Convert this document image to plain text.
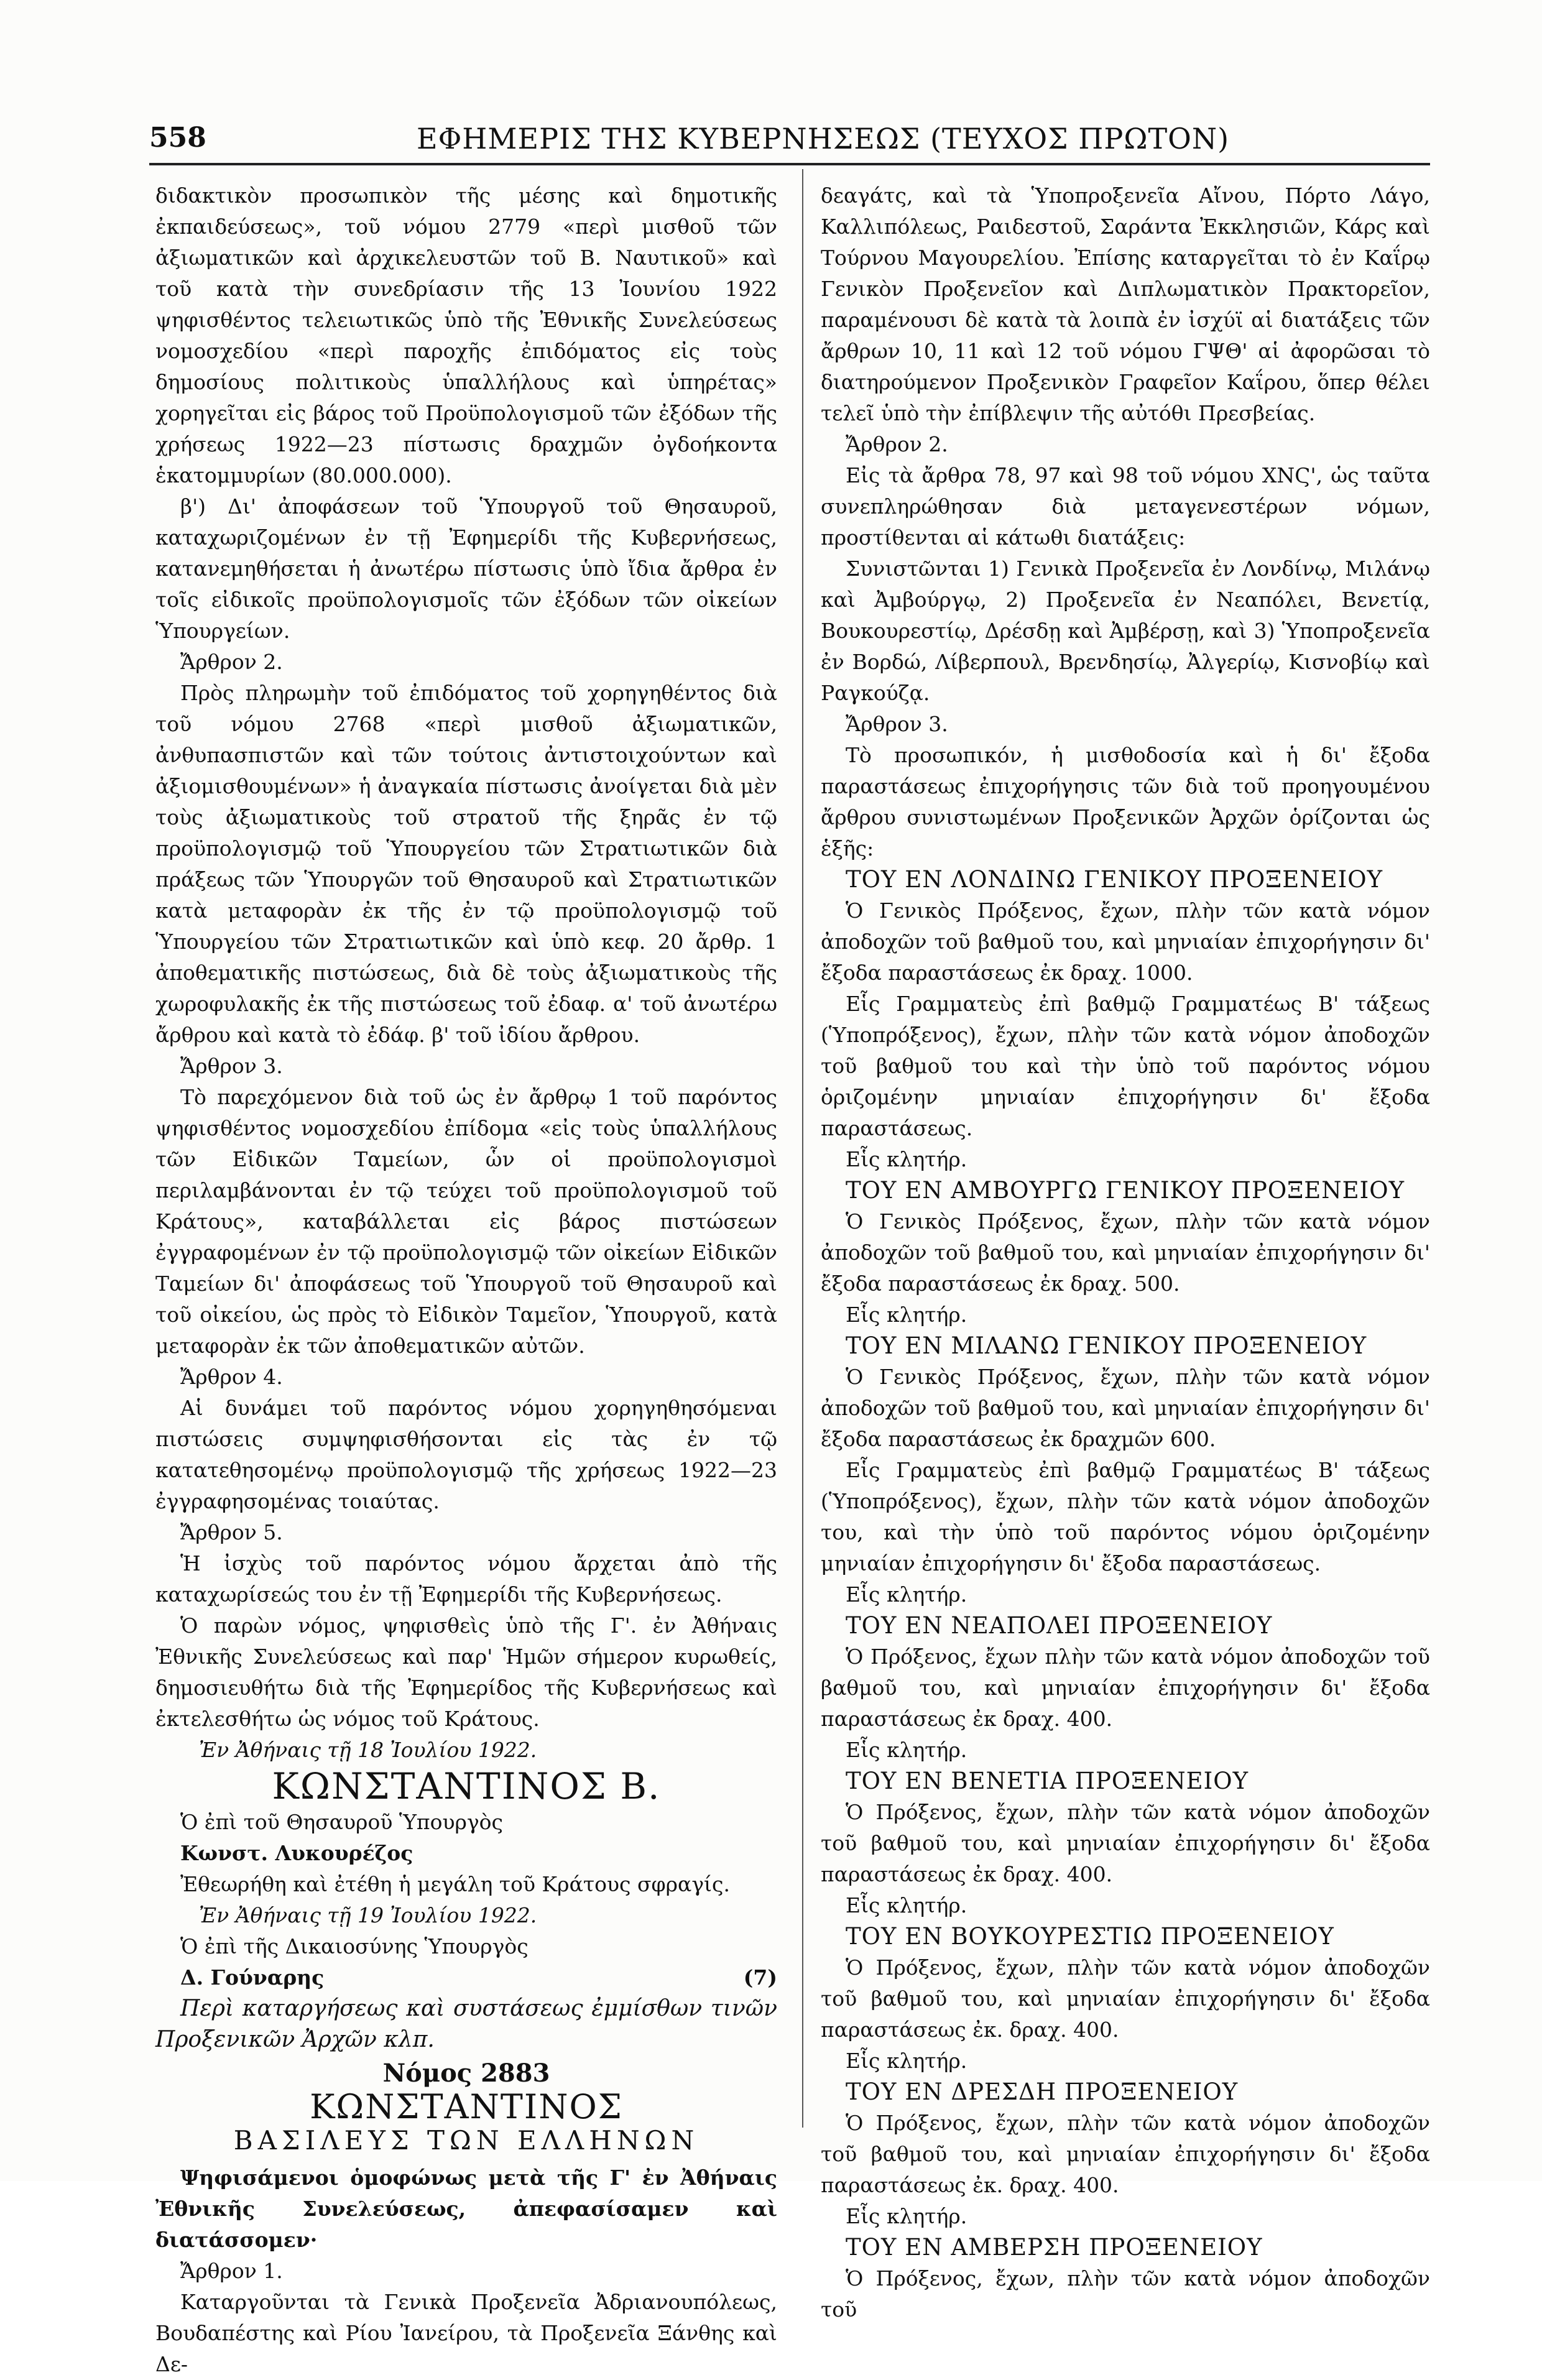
558	ΕΦΗΜΕΡΙΣ ΤΗΣ ΚΥΒΕΡΝΗΣΕΩΣ (ΤΕΥΧΟΣ ΠΡΩΤΟΝ)

διδακτικὸν προσωπικὸν τῆς μέσης καὶ δημοτικῆς ἐκπαιδεύσεως», τοῦ νόμου 2779 «περὶ μισθοῦ τῶν ἀξιωματικῶν καὶ ἀρχικελευστῶν τοῦ Β. Ναυτικοῦ» καὶ τοῦ κατὰ τὴν συνεδρίασιν τῆς 13 Ἰουνίου 1922 ψηφισθέντος τελειωτικῶς ὑπὸ τῆς Ἐθνικῆς Συνελεύσεως νομοσχεδίου «περὶ παροχῆς ἐπιδόματος εἰς τοὺς δημοσίους πολιτικοὺς ὑπαλλήλους καὶ ὑπηρέτας» χορηγεῖται εἰς βάρος τοῦ Προϋπολογισμοῦ τῶν ἐξόδων τῆς χρήσεως 1922—23 πίστωσις δραχμῶν ὀγδοήκοντα ἑκατομμυρίων (80.000.000).

β') Δι' ἀποφάσεων τοῦ Ὑπουργοῦ τοῦ Θησαυροῦ, καταχωριζομένων ἐν τῇ Ἐφημερίδι τῆς Κυβερνήσεως, κατανεμηθήσεται ἡ ἀνωτέρω πίστωσις ὑπὸ ἴδια ἄρθρα ἐν τοῖς εἰδικοῖς προϋπολογισμοῖς τῶν ἐξόδων τῶν οἰκείων Ὑπουργείων.

Ἄρθρον 2.

Πρὸς πληρωμὴν τοῦ ἐπιδόματος τοῦ χορηγηθέντος διὰ τοῦ νόμου 2768 «περὶ μισθοῦ ἀξιωματικῶν, ἀνθυπασπιστῶν καὶ τῶν τούτοις ἀντιστοιχούντων καὶ ἀξιομισθουμένων» ἡ ἀναγκαία πίστωσις ἀνοίγεται διὰ μὲν τοὺς ἀξιωματικοὺς τοῦ στρατοῦ τῆς ξηρᾶς ἐν τῷ προϋπολογισμῷ τοῦ Ὑπουργείου τῶν Στρατιωτικῶν διὰ πράξεως τῶν Ὑπουργῶν τοῦ Θησαυροῦ καὶ Στρατιωτικῶν κατὰ μεταφορὰν ἐκ τῆς ἐν τῷ προϋπολογισμῷ τοῦ Ὑπουργείου τῶν Στρατιωτικῶν καὶ ὑπὸ κεφ. 20 ἄρθρ. 1 ἀποθεματικῆς πιστώσεως, διὰ δὲ τοὺς ἀξιωματικοὺς τῆς χωροφυλακῆς ἐκ τῆς πιστώσεως τοῦ ἐδαφ. α' τοῦ ἀνωτέρω ἄρθρου καὶ κατὰ τὸ ἐδάφ. β' τοῦ ἰδίου ἄρθρου.

Ἄρθρον 3.

Τὸ παρεχόμενον διὰ τοῦ ὡς ἐν ἄρθρῳ 1 τοῦ παρόντος ψηφισθέντος νομοσχεδίου ἐπίδομα «εἰς τοὺς ὑπαλλήλους τῶν Εἰδικῶν Ταμείων, ὧν οἱ προϋπολογισμοὶ περιλαμβάνονται ἐν τῷ τεύχει τοῦ προϋπολογισμοῦ τοῦ Κράτους», καταβάλλεται εἰς βάρος πιστώσεων ἐγγραφομένων ἐν τῷ προϋπολογισμῷ τῶν οἰκείων Εἰδικῶν Ταμείων δι' ἀποφάσεως τοῦ Ὑπουργοῦ τοῦ Θησαυροῦ καὶ τοῦ οἰκείου, ὡς πρὸς τὸ Εἰδικὸν Ταμεῖον, Ὑπουργοῦ, κατὰ μεταφορὰν ἐκ τῶν ἀποθεματικῶν αὐτῶν.

Ἄρθρον 4.

Αἱ δυνάμει τοῦ παρόντος νόμου χορηγηθησόμεναι πιστώσεις συμψηφισθήσονται εἰς τὰς ἐν τῷ κατατεθησομένῳ προϋπολογισμῷ τῆς χρήσεως 1922—23 ἐγγραφησομένας τοιαύτας.

Ἄρθρον 5.

Ἡ ἰσχὺς τοῦ παρόντος νόμου ἄρχεται ἀπὸ τῆς καταχωρίσεώς του ἐν τῇ Ἐφημερίδι τῆς Κυβερνήσεως.

Ὁ παρὼν νόμος, ψηφισθεὶς ὑπὸ τῆς Γ'. ἐν Ἀθήναις Ἐθνικῆς Συνελεύσεως καὶ παρ' Ἡμῶν σήμερον κυρωθείς, δημοσιευθήτω διὰ τῆς Ἐφημερίδος τῆς Κυβερνήσεως καὶ ἐκτελεσθήτω ὡς νόμος τοῦ Κράτους.

Ἐν Ἀθήναις τῇ 18 Ἰουλίου 1922.

ΚΩΝΣΤΑΝΤΙΝΟΣ Β.

Ὁ ἐπὶ τοῦ Θησαυροῦ Ὑπουργὸς

Κωνστ. Λυκουρέζος

Ἐθεωρήθη καὶ ἐτέθη ἡ μεγάλη τοῦ Κράτους σφραγίς.

Ἐν Ἀθήναις τῇ 19 Ἰουλίου 1922.

Ὁ ἐπὶ τῆς Δικαιοσύνης Ὑπουργὸς

Δ. Γούναρης	(7)

Περὶ καταργήσεως καὶ συστάσεως ἐμμίσθων τινῶν Προξενικῶν Ἀρχῶν κλπ.

Νόμος 2883
ΚΩΝΣΤΑΝΤΙΝΟΣ
ΒΑΣΙΛΕΥΣ ΤΩΝ ΕΛΛΗΝΩΝ

Ψηφισάμενοι ὁμοφώνως μετὰ τῆς Γ' ἐν Ἀθήναις Ἐθνικῆς Συνελεύσεως, ἀπεφασίσαμεν καὶ διατάσσομεν·

Ἄρθρον 1.

Καταργοῦνται τὰ Γενικὰ Προξενεῖα Ἀδριανουπόλεως, Βουδαπέστης καὶ Ρίου Ἰανείρου, τὰ Προξενεῖα Ξάνθης καὶ Δε-

δεαγάτς, καὶ τὰ Ὑποπροξενεῖα Αἴνου, Πόρτο Λάγο, Καλλιπόλεως, Ραιδεστοῦ, Σαράντα Ἐκκλησιῶν, Κάρς καὶ Τούρνου Μαγουρελίου. Ἐπίσης καταργεῖται τὸ ἐν Καΐρῳ Γενικὸν Προξενεῖον καὶ Διπλωματικὸν Πρακτορεῖον, παραμένουσι δὲ κατὰ τὰ λοιπὰ ἐν ἰσχύϊ αἱ διατάξεις τῶν ἄρθρων 10, 11 καὶ 12 τοῦ νόμου ΓΨΘ' αἱ ἀφορῶσαι τὸ διατηρούμενον Προξενικὸν Γραφεῖον Καΐρου, ὅπερ θέλει τελεῖ ὑπὸ τὴν ἐπίβλεψιν τῆς αὐτόθι Πρεσβείας.

Ἄρθρον 2.

Εἰς τὰ ἄρθρα 78, 97 καὶ 98 τοῦ νόμου ΧΝϚ', ὡς ταῦτα συνεπληρώθησαν διὰ μεταγενεστέρων νόμων, προστίθενται αἱ κάτωθι διατάξεις:

Συνιστῶνται 1) Γενικὰ Προξενεῖα ἐν Λονδίνῳ, Μιλάνῳ καὶ Ἀμβούργῳ, 2) Προξενεῖα ἐν Νεαπόλει, Βενετίᾳ, Βουκουρεστίῳ, Δρέσδῃ καὶ Ἀμβέρσῃ, καὶ 3) Ὑποπροξενεῖα ἐν Βορδώ, Λίβερπουλ, Βρενδησίῳ, Ἀλγερίῳ, Κισνοβίῳ καὶ Ραγκούζᾳ.

Ἄρθρον 3.

Τὸ προσωπικόν, ἡ μισθοδοσία καὶ ἡ δι' ἔξοδα παραστάσεως ἐπιχορήγησις τῶν διὰ τοῦ προηγουμένου ἄρθρου συνιστωμένων Προξενικῶν Ἀρχῶν ὁρίζονται ὡς ἑξῆς:

ΤΟΥ ΕΝ ΛΟΝΔΙΝΩ ΓΕΝΙΚΟΥ ΠΡΟΞΕΝΕΙΟΥ

Ὁ Γενικὸς Πρόξενος, ἔχων, πλὴν τῶν κατὰ νόμον ἀποδοχῶν τοῦ βαθμοῦ του, καὶ μηνιαίαν ἐπιχορήγησιν δι' ἔξοδα παραστάσεως ἐκ δραχ. 1000.

Εἷς Γραμματεὺς ἐπὶ βαθμῷ Γραμματέως Β' τάξεως (Ὑποπρόξενος), ἔχων, πλὴν τῶν κατὰ νόμον ἀποδοχῶν τοῦ βαθμοῦ του καὶ τὴν ὑπὸ τοῦ παρόντος νόμου ὁριζομένην μηνιαίαν ἐπιχορήγησιν δι' ἔξοδα παραστάσεως.

Εἷς κλητήρ.

ΤΟΥ ΕΝ ΑΜΒΟΥΡΓΩ ΓΕΝΙΚΟΥ ΠΡΟΞΕΝΕΙΟΥ

Ὁ Γενικὸς Πρόξενος, ἔχων, πλὴν τῶν κατὰ νόμον ἀποδοχῶν τοῦ βαθμοῦ του, καὶ μηνιαίαν ἐπιχορήγησιν δι' ἔξοδα παραστάσεως ἐκ δραχ. 500.

Εἷς κλητήρ.

ΤΟΥ ΕΝ ΜΙΛΑΝΩ ΓΕΝΙΚΟΥ ΠΡΟΞΕΝΕΙΟΥ

Ὁ Γενικὸς Πρόξενος, ἔχων, πλὴν τῶν κατὰ νόμον ἀποδοχῶν τοῦ βαθμοῦ του, καὶ μηνιαίαν ἐπιχορήγησιν δι' ἔξοδα παραστάσεως ἐκ δραχμῶν 600.

Εἷς Γραμματεὺς ἐπὶ βαθμῷ Γραμματέως Β' τάξεως (Ὑποπρόξενος), ἔχων, πλὴν τῶν κατὰ νόμον ἀποδοχῶν του, καὶ τὴν ὑπὸ τοῦ παρόντος νόμου ὁριζομένην μηνιαίαν ἐπιχορήγησιν δι' ἔξοδα παραστάσεως.

Εἷς κλητήρ.

ΤΟΥ ΕΝ ΝΕΑΠΟΛΕΙ ΠΡΟΞΕΝΕΙΟΥ

Ὁ Πρόξενος, ἔχων πλὴν τῶν κατὰ νόμον ἀποδοχῶν τοῦ βαθμοῦ του, καὶ μηνιαίαν ἐπιχορήγησιν δι' ἔξοδα παραστάσεως ἐκ δραχ. 400.

Εἷς κλητήρ.

ΤΟΥ ΕΝ ΒΕΝΕΤΙΑ ΠΡΟΞΕΝΕΙΟΥ

Ὁ Πρόξενος, ἔχων, πλὴν τῶν κατὰ νόμον ἀποδοχῶν τοῦ βαθμοῦ του, καὶ μηνιαίαν ἐπιχορήγησιν δι' ἔξοδα παραστάσεως ἐκ δραχ. 400.

Εἷς κλητήρ.

ΤΟΥ ΕΝ ΒΟΥΚΟΥΡΕΣΤΙΩ ΠΡΟΞΕΝΕΙΟΥ

Ὁ Πρόξενος, ἔχων, πλὴν τῶν κατὰ νόμον ἀποδοχῶν τοῦ βαθμοῦ του, καὶ μηνιαίαν ἐπιχορήγησιν δι' ἔξοδα παραστάσεως ἐκ. δραχ. 400.

Εἷς κλητήρ.

ΤΟΥ ΕΝ ΔΡΕΣΔΗ ΠΡΟΞΕΝΕΙΟΥ

Ὁ Πρόξενος, ἔχων, πλὴν τῶν κατὰ νόμον ἀποδοχῶν τοῦ βαθμοῦ του, καὶ μηνιαίαν ἐπιχορήγησιν δι' ἔξοδα παραστάσεως ἐκ. δραχ. 400.

Εἷς κλητήρ.

ΤΟΥ ΕΝ ΑΜΒΕΡΣΗ ΠΡΟΞΕΝΕΙΟΥ

Ὁ Πρόξενος, ἔχων, πλὴν τῶν κατὰ νόμον ἀποδοχῶν τοῦ
